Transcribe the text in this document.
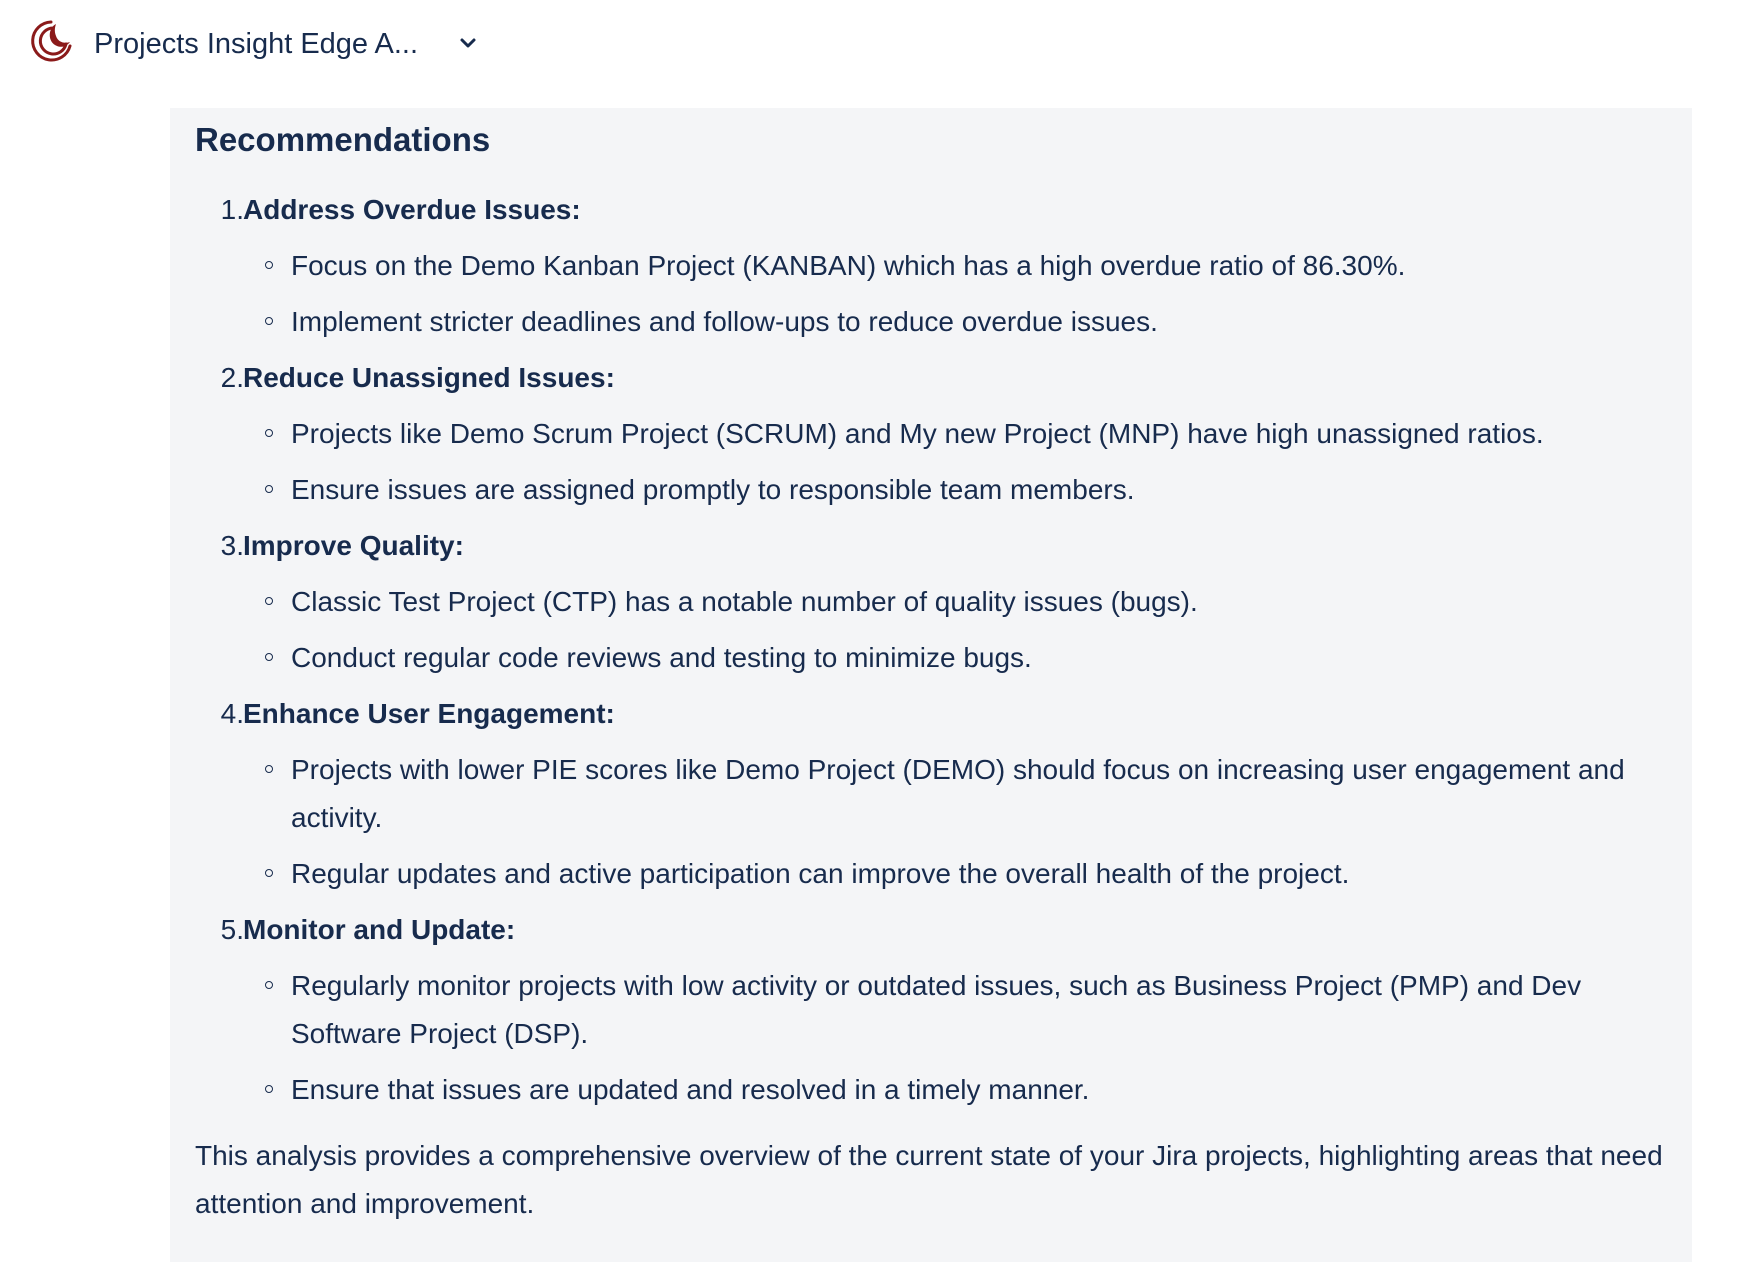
Projects Insight Edge A...
Recommendations
1. Address Overdue Issues:
Focus on the Demo Kanban Project (KANBAN) which has a high overdue ratio of 86.30%.
Implement stricter deadlines and follow-ups to reduce overdue issues.
2. Reduce Unassigned Issues:
Projects like Demo Scrum Project (SCRUM) and My new Project (MNP) have high unassigned ratios.
Ensure issues are assigned promptly to responsible team members.
3. Improve Quality:
Classic Test Project (CTP) has a notable number of quality issues (bugs).
Conduct regular code reviews and testing to minimize bugs.
4. Enhance User Engagement:
Projects with lower PIE scores like Demo Project (DEMO) should focus on increasing user engagement and activity.
Regular updates and active participation can improve the overall health of the project.
5. Monitor and Update:
Regularly monitor projects with low activity or outdated issues, such as Business Project (PMP) and Dev Software Project (DSP).
Ensure that issues are updated and resolved in a timely manner.

This analysis provides a comprehensive overview of the current state of your Jira projects, highlighting areas that need attention and improvement.
